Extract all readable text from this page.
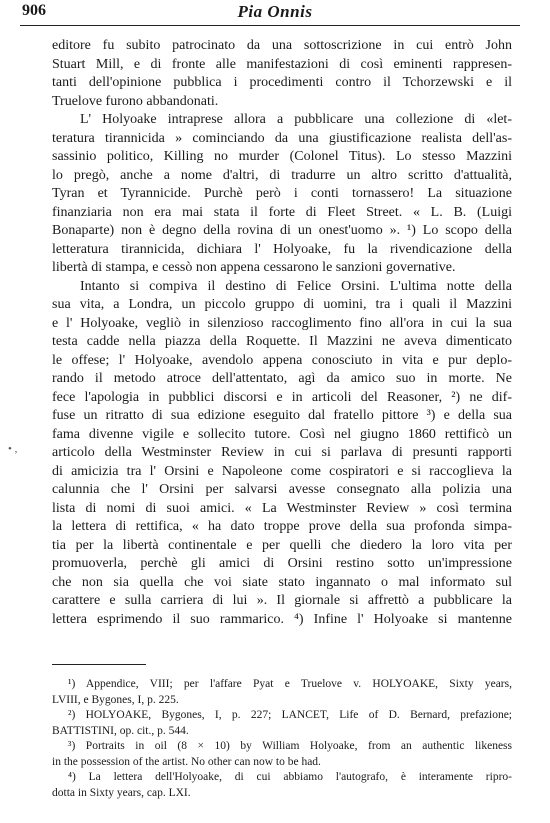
906	Pia Onnis
editore fu subito patrocinato da una sottoscrizione in cui entrò John
Stuart Mill, e di fronte alle manifestazioni di così eminenti rappresen-
tanti dell'opinione pubblica i procedimenti contro il Tchorzewski e il
Truelove furono abbandonati.
L' Holyoake intraprese allora a pubblicare una collezione di «let-
teratura tirannicida » cominciando da una giustificazione realista dell'as-
sassinio politico, Killing no murder (Colonel Titus). Lo stesso Mazzini
lo pregò, anche a nome d'altri, di tradurre un altro scritto d'attualità,
Tyran et Tyrannicide. Purchè però i conti tornassero! La situazione
finanziaria non era mai stata il forte di Fleet Street. « L. B. (Luigi
Bonaparte) non è degno della rovina di un onest'uomo ». ¹) Lo scopo della
letteratura tirannicida, dichiara l' Holyoake, fu la rivendicazione della
libertà di stampa, e cessò non appena cessarono le sanzioni governative.
Intanto si compiva il destino di Felice Orsini. L'ultima notte della
sua vita, a Londra, un piccolo gruppo di uomini, tra i quali il Mazzini
e l' Holyoake, vegliò in silenzioso raccoglimento fino all'ora in cui la sua
testa cadde nella piazza della Roquette. Il Mazzini ne aveva dimenticato
le offese; l' Holyoake, avendolo appena conosciuto in vita e pur deplo-
rando il metodo atroce dell'attentato, agì da amico suo in morte. Ne
fece l'apologia in pubblici discorsi e in articoli del Reasoner, ²) ne dif-
fuse un ritratto di sua edizione eseguito dal fratello pittore ³) e della sua
fama divenne vigile e sollecito tutore. Così nel giugno 1860 rettificò un
articolo della Westminster Review in cui si parlava di presunti rapporti
di amicizia tra l' Orsini e Napoleone come cospiratori e si raccoglieva la
calunnia che l' Orsini per salvarsi avesse consegnato alla polizia una
lista di nomi di suoi amici. « La Westminster Review » così termina
la lettera di rettifica, « ha dato troppe prove della sua profonda simpa-
tia per la libertà continentale e per quelli che diedero la loro vita per
promuoverla, perchè gli amici di Orsini restino sotto un'impressione
che non sia quella che voi siate stato ingannato o mal informato sul
carattere e sulla carriera di lui ». Il giornale si affrettò a pubblicare la
lettera esprimendo il suo rammarico. ⁴) Infine l' Holyoake si mantenne
• ,
¹) Appendice, VIII; per l'affare Pyat e Truelove v. HOLYOAKE, Sixty years,
LVIII, e Bygones, I, p. 225.
²) HOLYOAKE, Bygones, I, p. 227; LANCET, Life of D. Bernard, prefazione;
BATTISTINI, op. cit., p. 544.
³) Portraits in oil (8 × 10) by William Holyoake, from an authentic likeness
in the possession of the artist. No other can now to be had.
⁴) La lettera dell'Holyoake, di cui abbiamo l'autografo, è interamente ripro-
dotta in Sixty years, cap. LXI.
